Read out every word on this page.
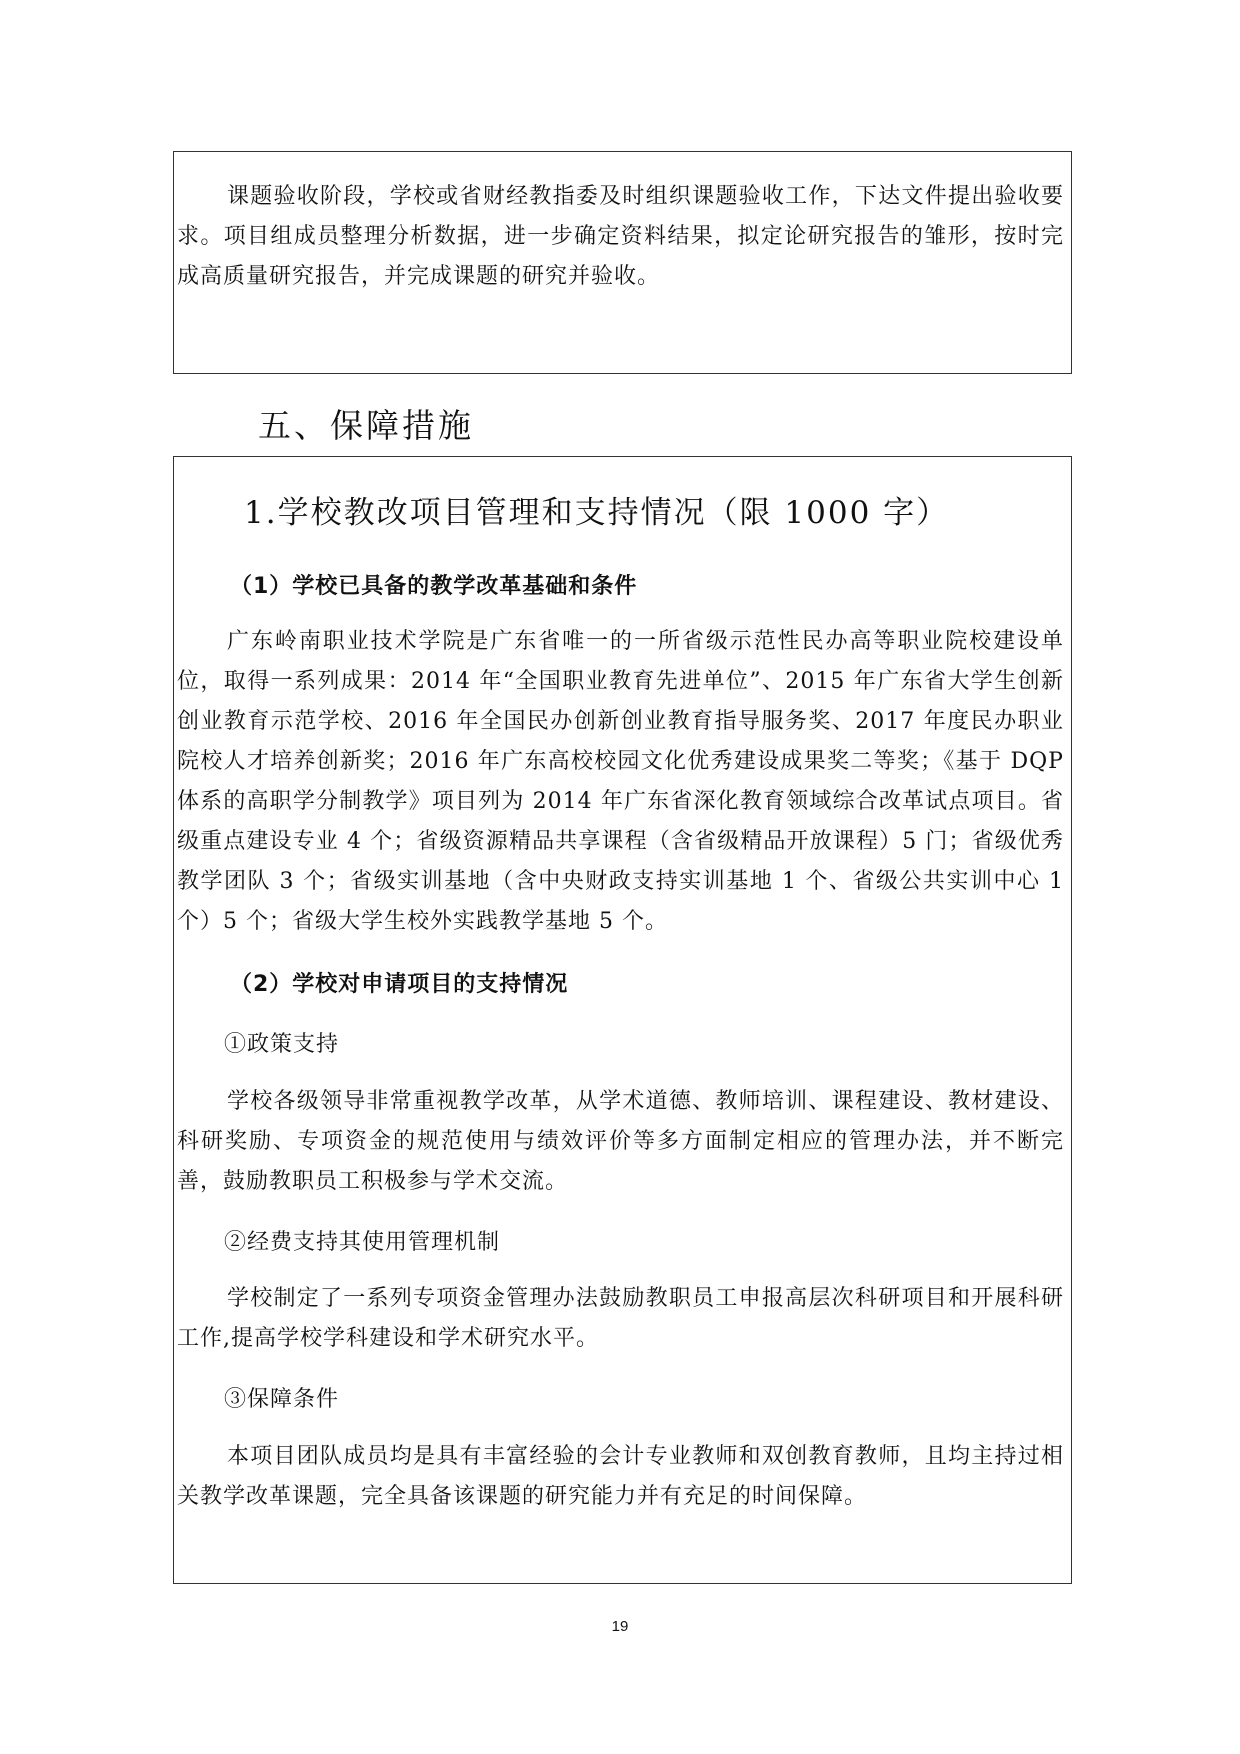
课题验收阶段，学校或省财经教指委及时组织课题验收工作，下达文件提出验收要求。项目组成员整理分析数据，进一步确定资料结果，拟定论研究报告的雏形，按时完成高质量研究报告，并完成课题的研究并验收。
五、保障措施
1.学校教改项目管理和支持情况（限 1000 字）
（1）学校已具备的教学改革基础和条件
广东岭南职业技术学院是广东省唯一的一所省级示范性民办高等职业院校建设单位，取得一系列成果：2014 年“全国职业教育先进单位”、2015 年广东省大学生创新创业教育示范学校、2016 年全国民办创新创业教育指导服务奖、2017 年度民办职业院校人才培养创新奖；2016 年广东高校校园文化优秀建设成果奖二等奖；《基于 DQP 体系的高职学分制教学》项目列为 2014 年广东省深化教育领域综合改革试点项目。省级重点建设专业 4 个；省级资源精品共享课程（含省级精品开放课程）5 门；省级优秀教学团队 3 个；省级实训基地（含中央财政支持实训基地 1 个、省级公共实训中心 1 个）5 个；省级大学生校外实践教学基地 5 个。
（2）学校对申请项目的支持情况
①政策支持
学校各级领导非常重视教学改革，从学术道德、教师培训、课程建设、教材建设、科研奖励、专项资金的规范使用与绩效评价等多方面制定相应的管理办法，并不断完善，鼓励教职员工积极参与学术交流。
②经费支持其使用管理机制
学校制定了一系列专项资金管理办法鼓励教职员工申报高层次科研项目和开展科研工作,提高学校学科建设和学术研究水平。
③保障条件
本项目团队成员均是具有丰富经验的会计专业教师和双创教育教师，且均主持过相关教学改革课题，完全具备该课题的研究能力并有充足的时间保障。
19
